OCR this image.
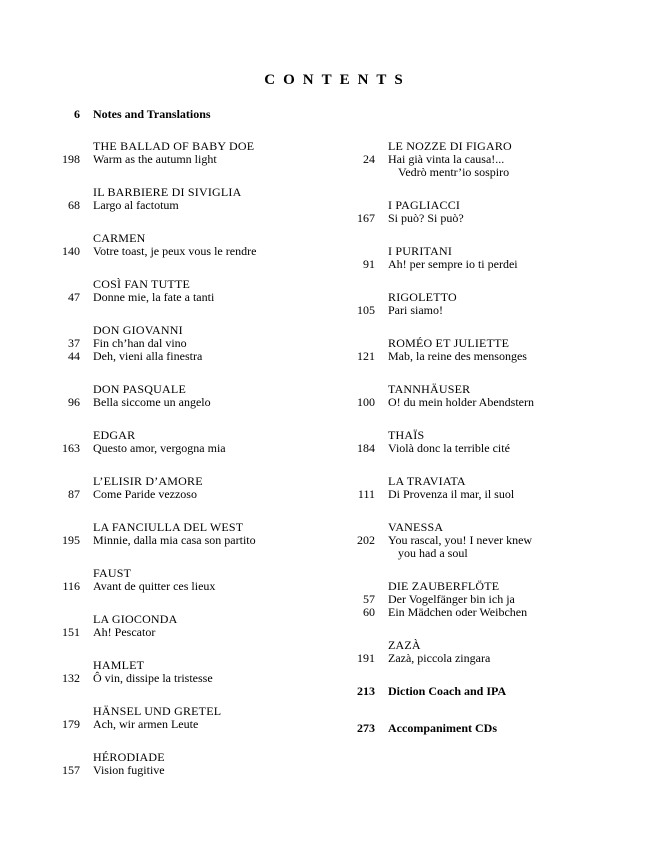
CONTENTS
6 Notes and Translations
THE BALLAD OF BABY DOE
198 Warm as the autumn light
IL BARBIERE DI SIVIGLIA
68 Largo al factotum
CARMEN
140 Votre toast, je peux vous le rendre
COSÌ FAN TUTTE
47 Donne mie, la fate a tanti
DON GIOVANNI
37 Fin ch’han dal vino
44 Deh, vieni alla finestra
DON PASQUALE
96 Bella siccome un angelo
EDGAR
163 Questo amor, vergogna mia
L’ELISIR D’AMORE
87 Come Paride vezzoso
LA FANCIULLA DEL WEST
195 Minnie, dalla mia casa son partito
FAUST
116 Avant de quitter ces lieux
LA GIOCONDA
151 Ah! Pescator
HAMLET
132 Ô vin, dissipe la tristesse
HÄNSEL UND GRETEL
179 Ach, wir armen Leute
HÉRODIADE
157 Vision fugitive
LE NOZZE DI FIGARO
24 Hai già vinta la causa!...
Vedrò mentr’io sospiro
I PAGLIACCI
167 Si può? Si può?
I PURITANI
91 Ah! per sempre io ti perdei
RIGOLETTO
105 Pari siamo!
ROMÉO ET JULIETTE
121 Mab, la reine des mensonges
TANNHÄUSER
100 O! du mein holder Abendstern
THAÏS
184 Violà donc la terrible cité
LA TRAVIATA
111 Di Provenza il mar, il suol
VANESSA
202 You rascal, you! I never knew
you had a soul
DIE ZAUBERFLÖTE
57 Der Vogelfänger bin ich ja
60 Ein Mädchen oder Weibchen
ZAZÀ
191 Zazà, piccola zingara
213 Diction Coach and IPA
273 Accompaniment CDs
